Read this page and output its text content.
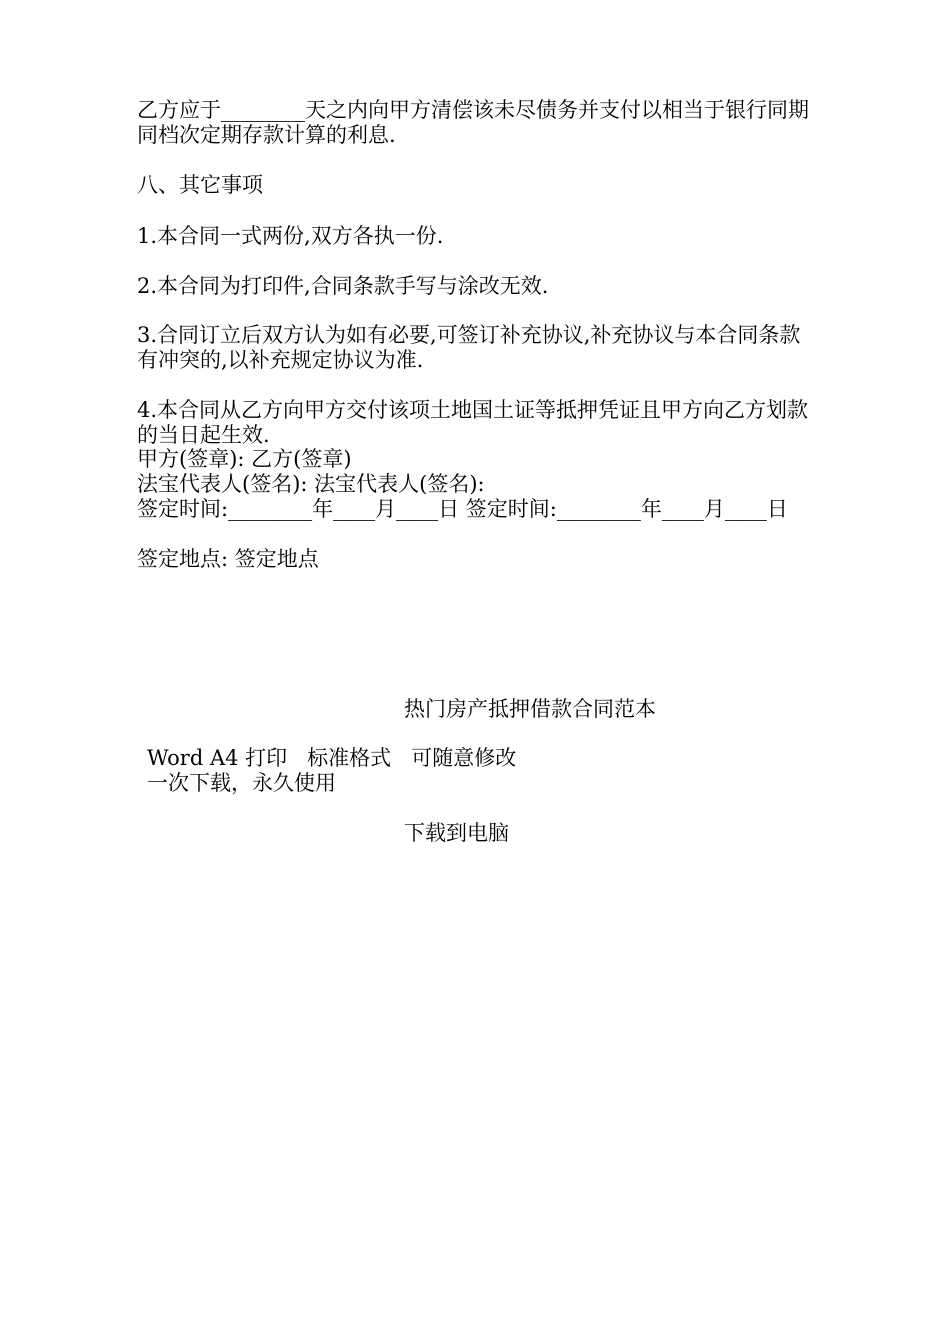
乙方应于________天之内向甲方清偿该未尽债务并支付以相当于银行同期同档次定期存款计算的利息.
八、其它事项
1.本合同一式两份,双方各执一份.
2.本合同为打印件,合同条款手写与涂改无效.
3.合同订立后双方认为如有必要,可签订补充协议,补充协议与本合同条款有冲突的,以补充规定协议为准.
4.本合同从乙方向甲方交付该项土地国土证等抵押凭证且甲方向乙方划款的当日起生效.
甲方(签章): 乙方(签章)
法宝代表人(签名): 法宝代表人(签名):
签定时间:________年____月____日 签定时间:________年____月____日
签定地点: 签定地点
热门房产抵押借款合同范本
Word A4 打印   标准格式   可随意修改
一次下载，永久使用
下载到电脑
